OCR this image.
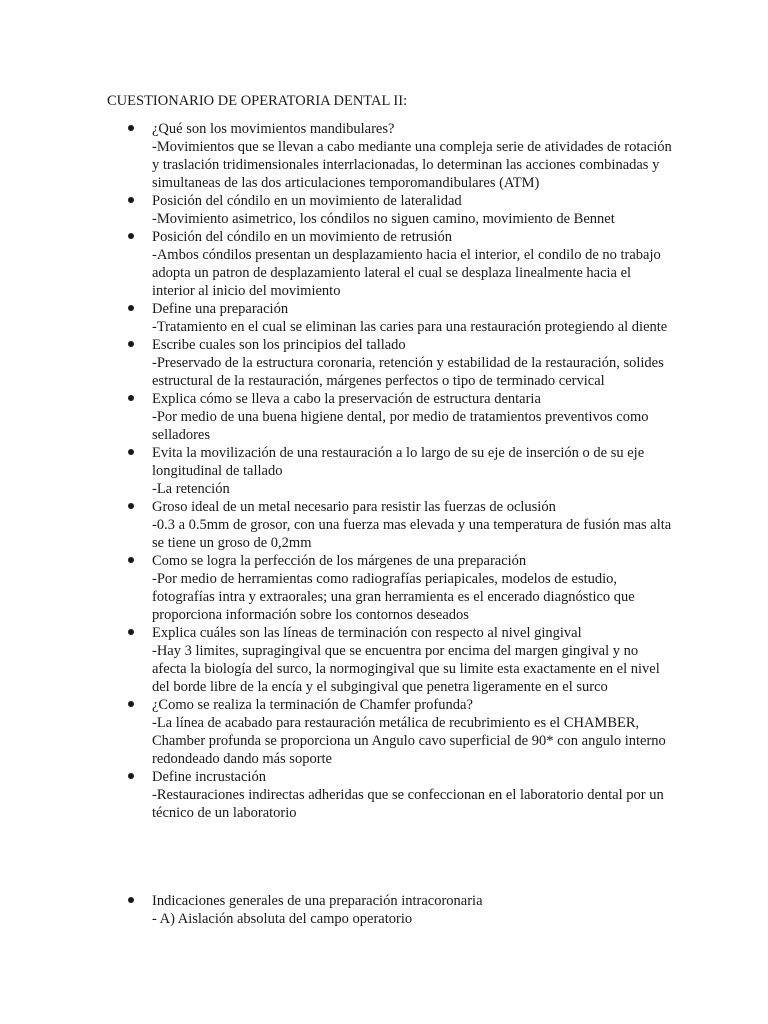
CUESTIONARIO DE OPERATORIA DENTAL II:
¿Qué son los movimientos mandibulares?
-Movimientos que se llevan a cabo mediante una compleja serie de atividades de rotación y traslación tridimensionales interrlacionadas, lo determinan las acciones combinadas y simultaneas de las dos articulaciones temporomandibulares (ATM)
Posición del cóndilo en un movimiento de lateralidad
-Movimiento asimetrico, los cóndilos no siguen camino, movimiento de Bennet
Posición del cóndilo en un movimiento de retrusión
-Ambos cóndilos presentan un desplazamiento hacia el interior, el condilo de no trabajo adopta un patron de desplazamiento lateral el cual se desplaza linealmente hacia el interior al inicio del movimiento
Define una preparación
-Tratamiento en el cual se eliminan las caries para una restauración protegiendo al diente
Escribe cuales son los principios del tallado
-Preservado de la estructura coronaria, retención y estabilidad de la restauración, solides estructural de la restauración, márgenes perfectos o tipo de terminado cervical
Explica cómo se lleva a cabo la preservación de estructura dentaria
-Por medio de una buena higiene dental, por medio de tratamientos preventivos como selladores
Evita la movilización de una restauración a lo largo de su eje de inserción o de su eje longitudinal de tallado
-La retención
Groso ideal de un metal necesario para resistir las fuerzas de oclusión
-0.3 a 0.5mm de grosor, con una fuerza mas elevada y una temperatura de fusión mas alta se tiene un groso de 0,2mm
Como se logra la perfección de los márgenes de una preparación
-Por medio de herramientas como radiografías periapicales, modelos de estudio, fotografías intra y extraorales; una gran herramienta es el encerado diagnóstico que proporciona información sobre los contornos deseados
Explica cuáles son las líneas de terminación con respecto al nivel gingival
-Hay 3 limites, supragingival que se encuentra por encima del margen gingival y no afecta la biología del surco, la normogingival que su limite esta exactamente en el nivel del borde libre de la encía y el subgingival que penetra ligeramente en el surco
¿Como se realiza la terminación de Chamfer profunda?
-La línea de acabado para restauración metálica de recubrimiento es el CHAMBER, Chamber profunda se proporciona un Angulo cavo superficial de 90* con angulo interno redondeado dando más soporte
Define incrustación
-Restauraciones indirectas adheridas que se confeccionan en el laboratorio dental por un técnico de un laboratorio
Indicaciones generales de una preparación intracoronaria
- A) Aislación absoluta del campo operatorio
